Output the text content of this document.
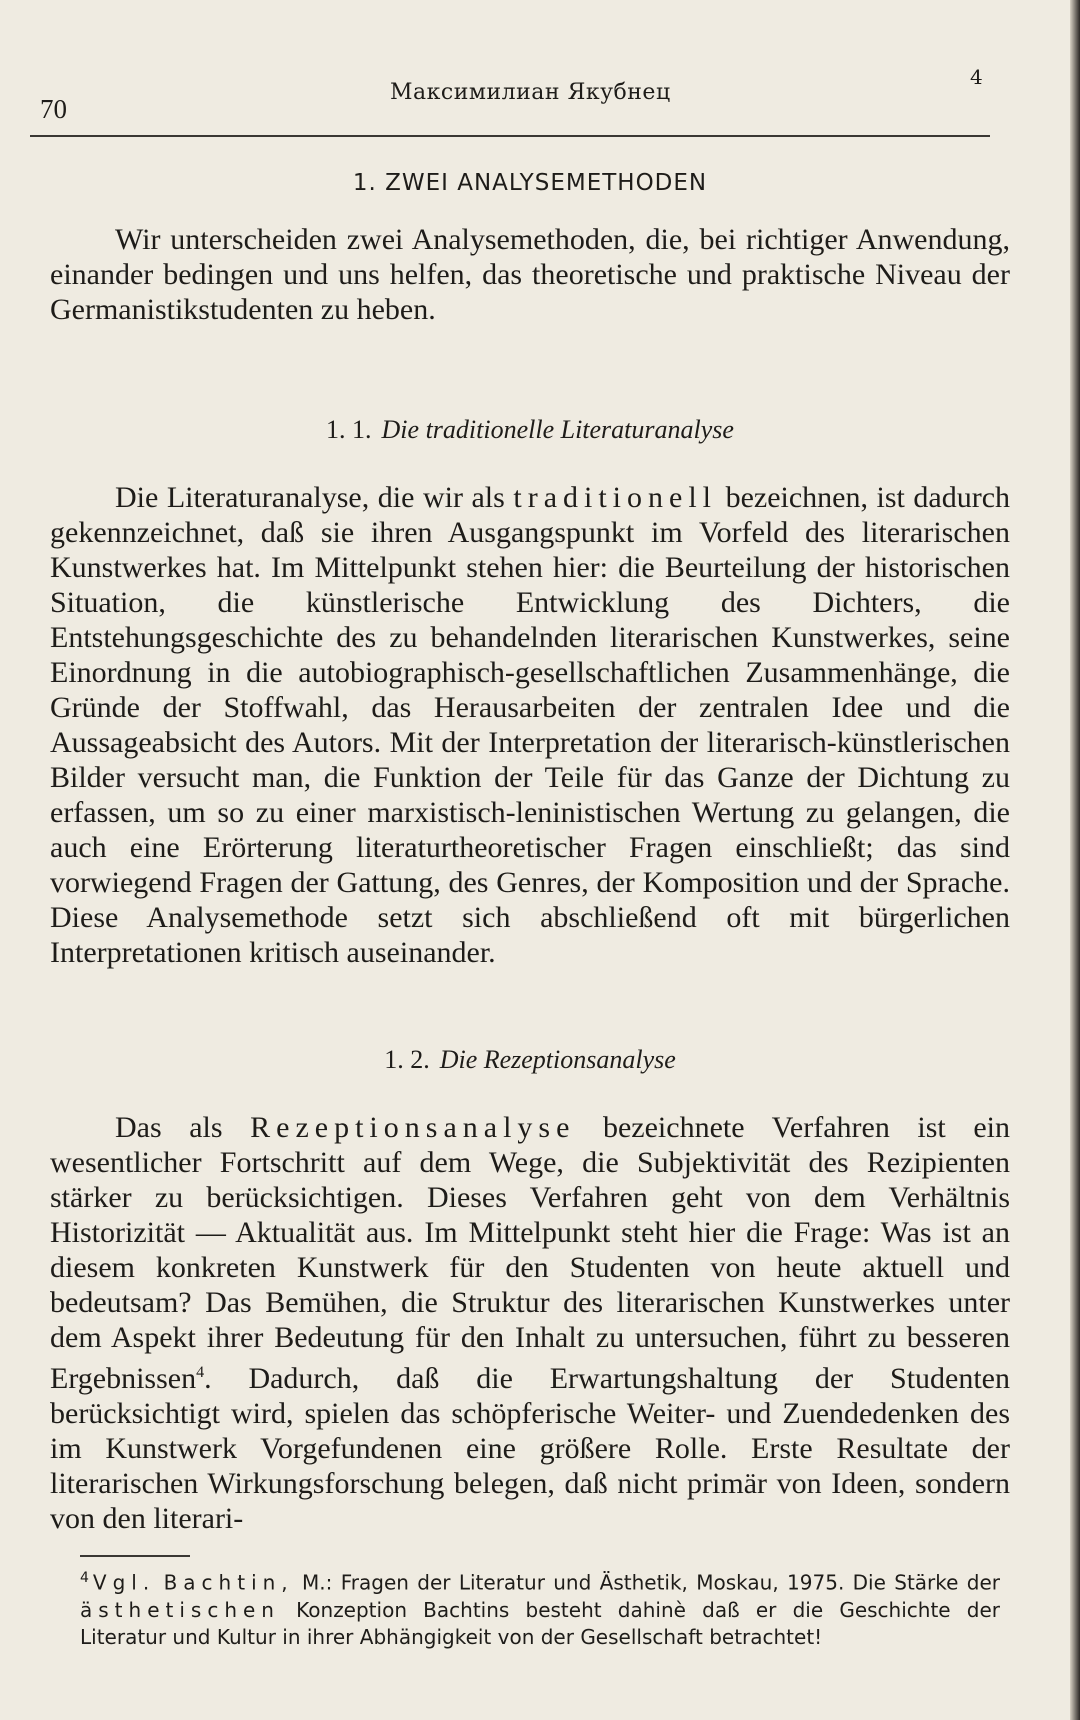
70
Максимилиан Якубнец
4
1. ZWEI ANALYSEMETHODEN

Wir unterscheiden zwei Analysemethoden, die, bei richtiger Anwendung, einander bedingen und uns helfen, das theoretische und praktische Niveau der Germanistikstudenten zu heben.

1. 1. Die traditionelle Literaturanalyse

Die Literaturanalyse, die wir als traditionell bezeichnen, ist dadurch gekennzeichnet, daß sie ihren Ausgangspunkt im Vorfeld des literarischen Kunstwerkes hat. Im Mittelpunkt stehen hier: die Beurteilung der historischen Situation, die künstlerische Entwicklung des Dichters, die Entstehungsgeschichte des zu behandelnden literarischen Kunstwerkes, seine Einordnung in die autobiographisch-gesellschaftlichen Zusammenhänge, die Gründe der Stoffwahl, das Herausarbeiten der zentralen Idee und die Aussageabsicht des Autors. Mit der Interpretation der literarisch-künstlerischen Bilder versucht man, die Funktion der Teile für das Ganze der Dichtung zu erfassen, um so zu einer marxistisch-leninistischen Wertung zu gelangen, die auch eine Erörterung literaturtheoretischer Fragen einschließt; das sind vorwiegend Fragen der Gattung, des Genres, der Komposition und der Sprache. Diese Analysemethode setzt sich abschließend oft mit bürgerlichen Interpretationen kritisch auseinander.

1. 2. Die Rezeptionsanalyse

Das als Rezeptionsanalyse bezeichnete Verfahren ist ein wesentlicher Fortschritt auf dem Wege, die Subjektivität des Rezipienten stärker zu berücksichtigen. Dieses Verfahren geht von dem Verhältnis Historizität — Aktualität aus. Im Mittelpunkt steht hier die Frage: Was ist an diesem konkreten Kunstwerk für den Studenten von heute aktuell und bedeutsam? Das Bemühen, die Struktur des literarischen Kunstwerkes unter dem Aspekt ihrer Bedeutung für den Inhalt zu untersuchen, führt zu besseren Ergebnissen$^4$. Dadurch, daß die Erwartungshaltung der Studenten berücksichtigt wird, spielen das schöpferische Weiter- und Zuendedenken des im Kunstwerk Vorgefundenen eine größere Rolle. Erste Resultate der literarischen Wirkungsforschung belegen, daß nicht primär von Ideen, sondern von den literari-

$^4$ Vgl. Bachtin, M.: Fragen der Literatur und Ästhetik, Moskau, 1975. Die Stärke der ästhetischen Konzeption Bachtins besteht dahinè daß er die Geschichte der Literatur und Kultur in ihrer Abhängigkeit von der Gesellschaft betrachtet!
